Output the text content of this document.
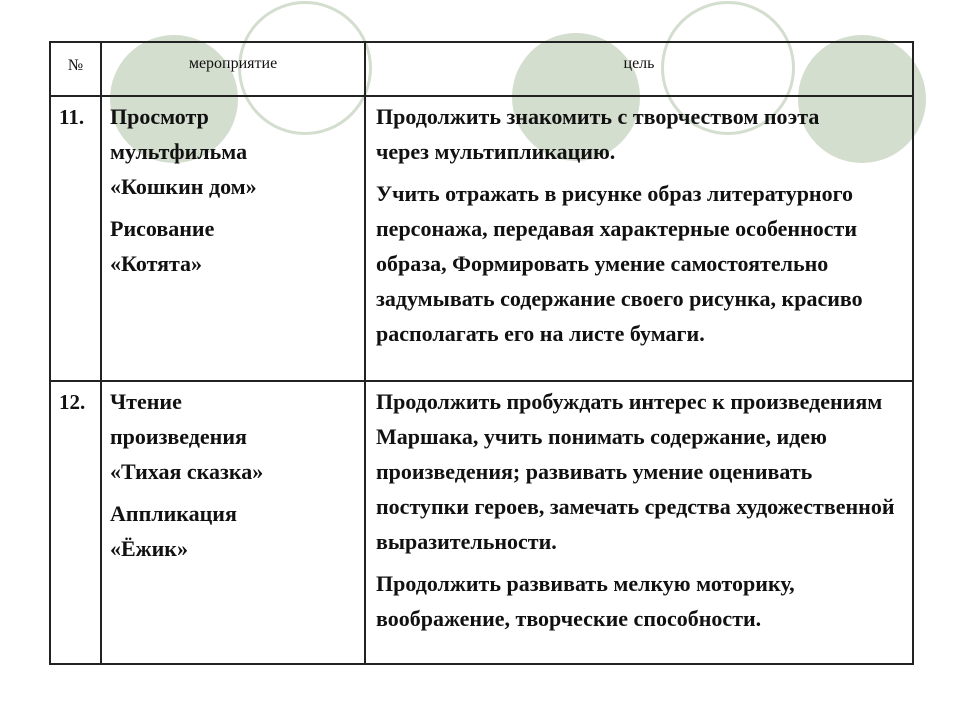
№	мероприятие	цель
11. Просмотр мультфильма «Кошкин дом»

Рисование «Котята»

Продолжить знакомить с творчеством поэта через мультипликацию.

Учить отражать в рисунке образ литературного персонажа, передавая характерные особенности образа, Формировать умение самостоятельно задумывать содержание своего рисунка, красиво располагать его на листе бумаги.

12. Чтение произведения «Тихая сказка»

Аппликация «Ёжик»

Продолжить пробуждать интерес к произведениям Маршака, учить понимать содержание, идею произведения; развивать умение оценивать поступки героев, замечать средства художественной выразительности.

Продолжить развивать мелкую моторику, воображение, творческие способности.
